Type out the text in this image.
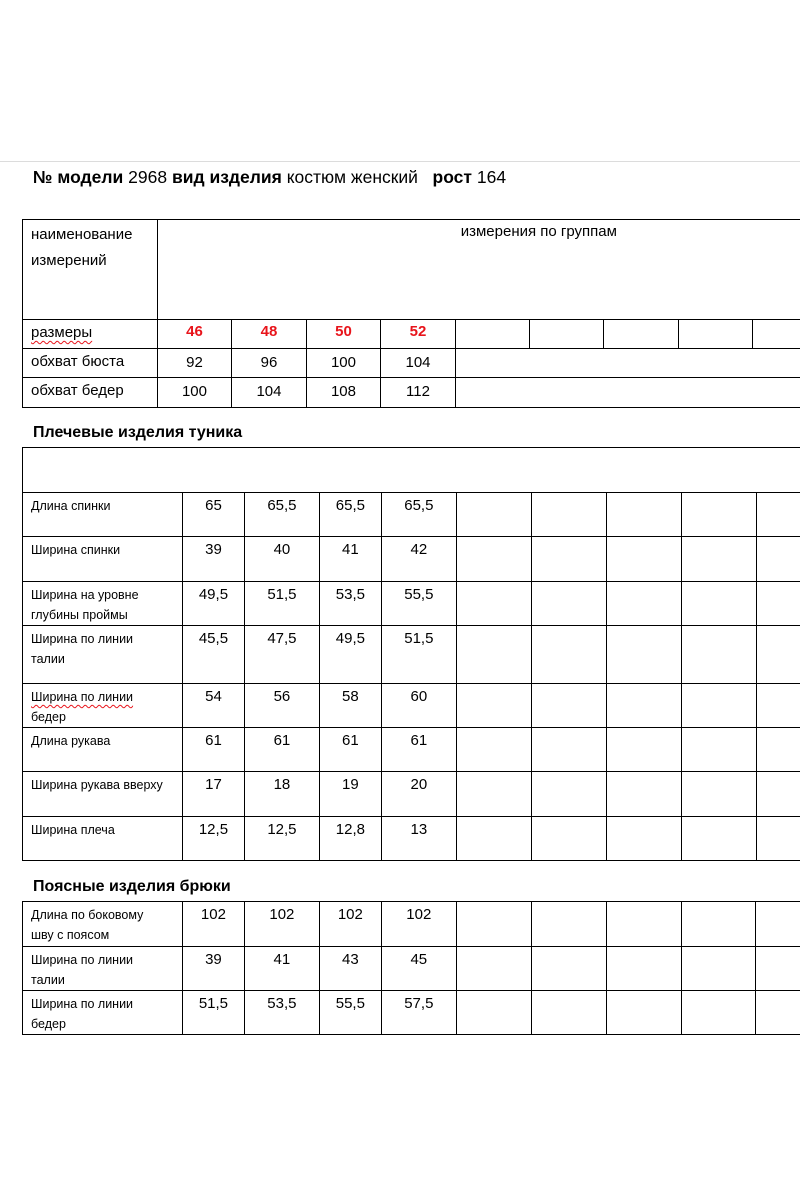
№ модели 2968 вид изделия костюм женский рост 164
наименование
измерений	измерения по группам								
размеры	46	48	50	52					
обхват бюста	92	96	100	104					
обхват бедер	100	104	108	112					
Плечевые изделия туника

Длина спинки	65	65,5	65,5	65,5					

Ширина спинки	39	40	41	42					

Ширина на уровне
глубины проймы	49,5	51,5	53,5	55,5					

Ширина по линии
талии	45,5	47,5	49,5	51,5					

Ширина по линии
бедер	54	56	58	60					

Длина рукава	61	61	61	61					

Ширина рукава вверху	17	18	19	20					

Ширина плеча	12,5	12,5	12,8	13					
Поясные изделия брюки
Длина по боковому
шву с поясом	102	102	102	102					

Ширина по линии
талии	39	41	43	45					

Ширина по линии
бедер	51,5	53,5	55,5	57,5					
